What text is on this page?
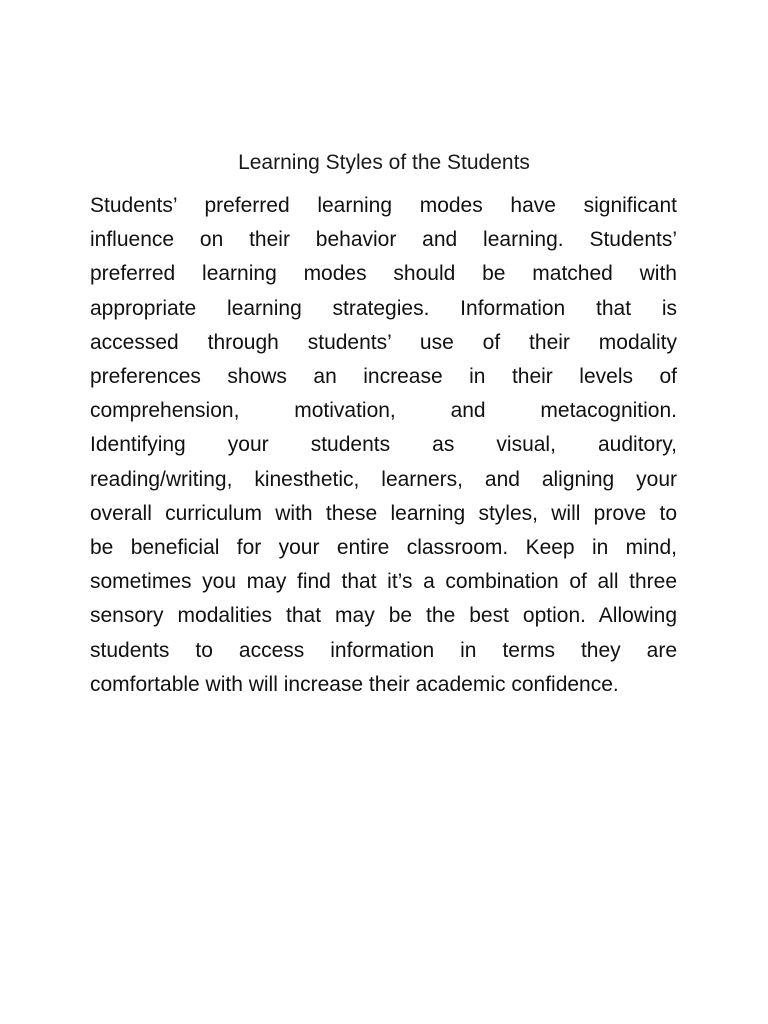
Learning Styles of the Students
Students’ preferred learning modes have significant
influence on their behavior and learning. Students’
preferred learning modes should be matched with
appropriate learning strategies. Information that is
accessed through students’ use of their modality
preferences shows an increase in their levels of
comprehension, motivation, and metacognition.
Identifying your students as visual, auditory,
reading/writing, kinesthetic, learners, and aligning your
overall curriculum with these learning styles, will prove to
be beneficial for your entire classroom. Keep in mind,
sometimes you may find that it’s a combination of all three
sensory modalities that may be the best option. Allowing
students to access information in terms they are
comfortable with will increase their academic confidence.
